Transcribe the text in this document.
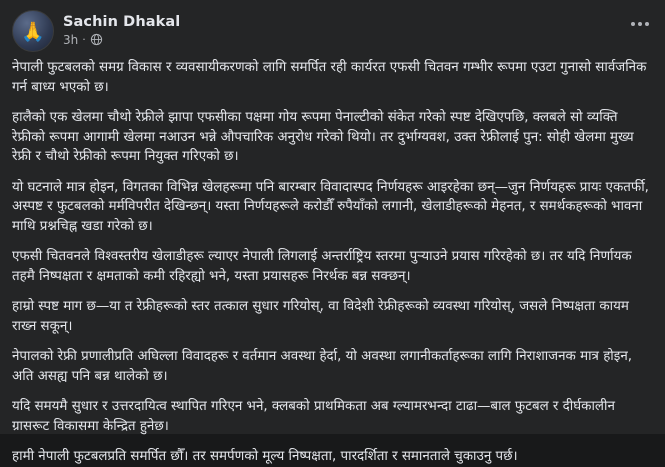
🙏 Sachin Dhakal
3h ·

नेपाली फुटबलको समग्र विकास र व्यवसायीकरणको लागि समर्पित रही कार्यरत एफसी चितवन गम्भीर रूपमा एउटा गुनासो सार्वजनिक गर्न बाध्य भएको छ।

हालैको एक खेलमा चौथो रेफ्रीले झापा एफसीका पक्षमा गोय रूपमा पेनाल्टीको संकेत गरेको स्पष्ट देखिएपछि, क्लबले सो व्यक्ति रेफ्रीको रूपमा आगामी खेलमा नआउन भन्ने औपचारिक अनुरोध गरेको थियो। तर दुर्भाग्यवश, उक्त रेफ्रीलाई पुन: सोही खेलमा मुख्य रेफ्री र चौथो रेफ्रीको रूपमा नियुक्त गरिएको छ।

यो घटनाले मात्र होइन, विगतका विभिन्न खेलहरूमा पनि बारम्बार विवादास्पद निर्णयहरू आइरहेका छन्—जुन निर्णयहरू प्रायः एकतर्फी, अस्पष्ट र फुटबलको मर्मविपरीत देखिन्छन्। यस्ता निर्णयहरूले करोडौँ रुपैयाँको लगानी, खेलाडीहरूको मेहनत, र समर्थकहरूको भावना माथि प्रश्नचिह्न खडा गरेको छ।

एफसी चितवनले विश्वस्तरीय खेलाडीहरू ल्याएर नेपाली लिगलाई अन्तर्राष्ट्रिय स्तरमा पुर्‍याउने प्रयास गरिरहेको छ। तर यदि निर्णायक तहमै निष्पक्षता र क्षमताको कमी रहिरह्यो भने, यस्ता प्रयासहरू निरर्थक बन्न सक्छन्।

हाम्रो स्पष्ट माग छ—या त रेफ्रीहरूको स्तर तत्काल सुधार गरियोस्, वा विदेशी रेफ्रीहरूको व्यवस्था गरियोस्, जसले निष्पक्षता कायम राख्न सकून्।

नेपालको रेफ्री प्रणालीप्रति अघिल्ला विवादहरू र वर्तमान अवस्था हेर्दा, यो अवस्था लगानीकर्ताहरूका लागि निराशाजनक मात्र होइन, अति असह्य पनि बन्न थालेको छ।

यदि समयमै सुधार र उत्तरदायित्व स्थापित गरिएन भने, क्लबको प्राथमिकता अब ग्ल्यामरभन्दा टाढा—बाल फुटबल र दीर्घकालीन ग्रासरूट विकासमा केन्द्रित हुनेछ।

हामी नेपाली फुटबलप्रति समर्पित छौँ। तर समर्पणको मूल्य निष्पक्षता, पारदर्शिता र समानताले चुकाउनु पर्छ।
